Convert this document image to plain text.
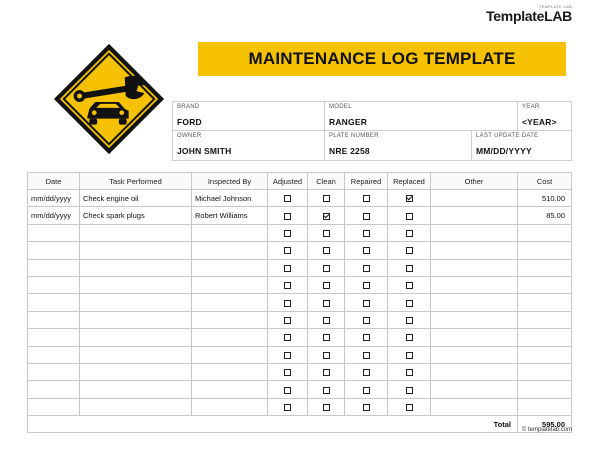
TEMPLATE LAB
TemplateLAB
MAINTENANCE LOG TEMPLATE
BRAND
FORD
MODEL
RANGER
YEAR
<YEAR>
OWNER
JOHN SMITH
PLATE NUMBER
NRE 2258
LAST UPDATE DATE
MM/DD/YYYY
Date	Task Performed	Inspected By	Adjusted	Clean	Repaired	Replaced	Other	Cost
mm/dd/yyyy	Check engine oil	Michael Johnson						510.00
mm/dd/yyyy	Check spark plugs	Robert Williams						85.00

Total								595.00
© templatelab.com
